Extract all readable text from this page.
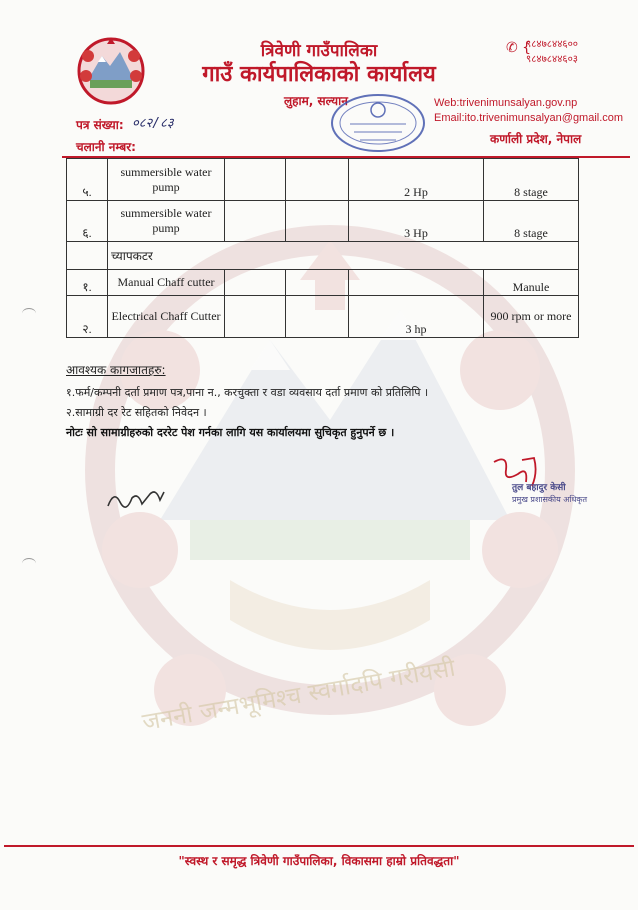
जननी जन्मभूमिश्च स्वर्गादपि गरीयसी
त्रिवेणी गाउँपालिका
गाउँ कार्यपालिकाको कार्यालय
लुहाम, सल्यान
✆ {
९८४७८४४६००
९८४७८४४६०३
Web:trivenimunsalyan.gov.np
Email:ito.trivenimunsalyan@gmail.com
कर्णाली प्रदेश, नेपाल
पत्र संख्या: ०८२/८३
चलानी नम्बर:
५.	summersible water pump			2 Hp	8 stage
६.	summersible water pump			3 Hp	8 stage
	च्यापकटर				
१.	Manual Chaff cutter				Manule
२.	Electrical Chaff Cutter			3 hp	900 rpm or more
आवश्यक कागजातहरु:
१.फर्म/कम्पनी दर्ता प्रमाण पत्र,पाना न., करचुक्ता र वडा व्यवसाय दर्ता प्रमाण को प्रतिलिपि ।
२.सामाग्री दर रेट सहितको निवेदन ।
नोटः सो सामाग्रीहरुको दररेट पेश गर्नका लागि यस कार्यालयमा सुचिकृत हुनुपर्ने छ ।
तुल बहादुर केसी
प्रमुख प्रशासकीय अधिकृत
"स्वस्थ र समृद्ध त्रिवेणी गाउँपालिका, विकासमा हाम्रो प्रतिवद्धता"
